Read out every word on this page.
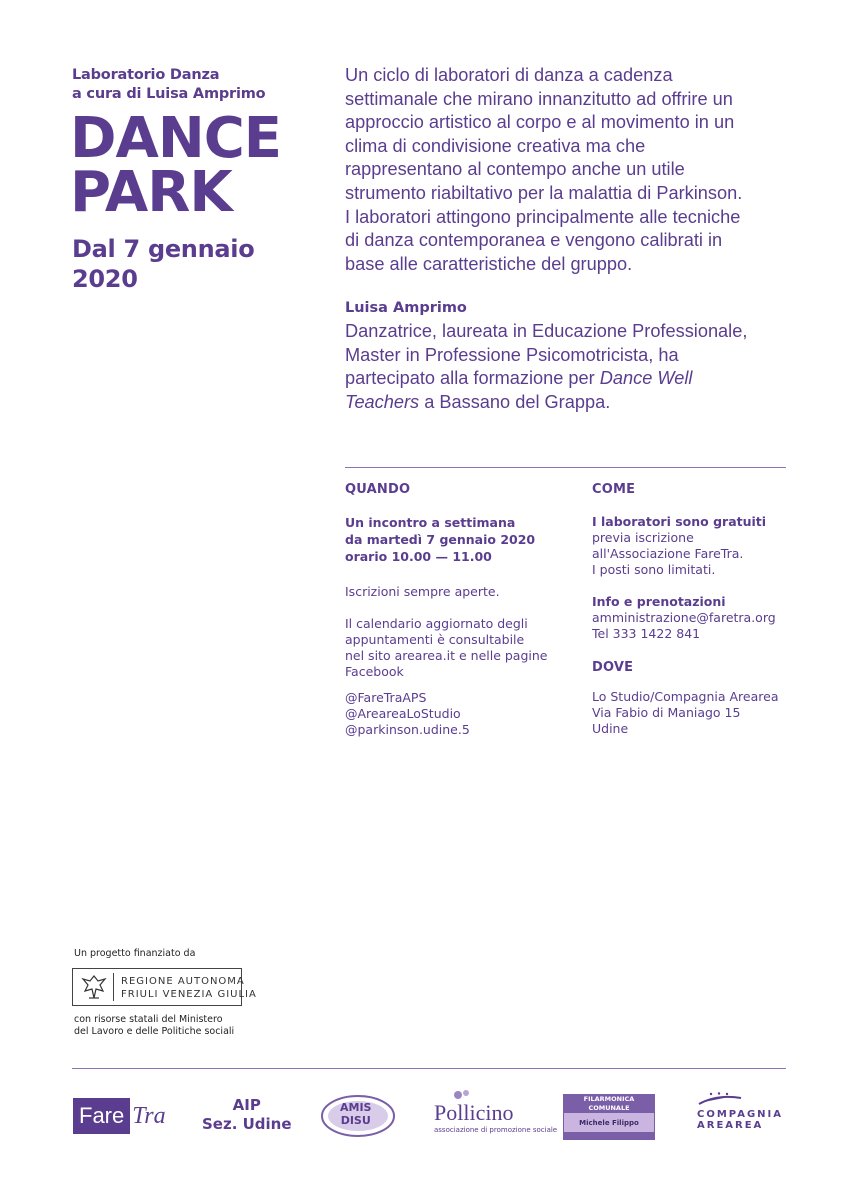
Laboratorio Danza
a cura di Luisa Amprimo
DANCE
PARK
Dal 7 gennaio
2020
Un ciclo di laboratori di danza a cadenza
settimanale che mirano innanzitutto ad offrire un
approccio artistico al corpo e al movimento in un
clima di condivisione creativa ma che
rappresentano al contempo anche un utile
strumento riabiltativo per la malattia di Parkinson.
I laboratori attingono principalmente alle tecniche
di danza contemporanea e vengono calibrati in
base alle caratteristiche del gruppo.
Luisa Amprimo
Danzatrice, laureata in Educazione Professionale,
Master in Professione Psicomotricista, ha
partecipato alla formazione per Dance Well
Teachers a Bassano del Grappa.
QUANDO
Un incontro a settimana
da martedì 7 gennaio 2020
orario 10.00 — 11.00
Iscrizioni sempre aperte.
Il calendario aggiornato degli
appuntamenti è consultabile
nel sito arearea.it e nelle pagine
Facebook
@FareTraAPS
@AreareaLoStudio
@parkinson.udine.5
COME
I laboratori sono gratuiti
previa iscrizione
all'Associazione FareTra.
I posti sono limitati.
Info e prenotazioni
amministrazione@faretra.org
Tel 333 1422 841
DOVE
Lo Studio/Compagnia Arearea
Via Fabio di Maniago 15
Udine
Un progetto finanziato da
REGIONE AUTONOMA
FRIULI VENEZIA GIULIA
con risorse statali del Ministero
del Lavoro e delle Politiche sociali
Fare Tra	AIP
Sez. Udine
AMIS
DISU	Pollicino
associazione di promozione sociale
FILARMONICA COMUNALE
Michele Filippo
COMPAGNIA
AREAREA
